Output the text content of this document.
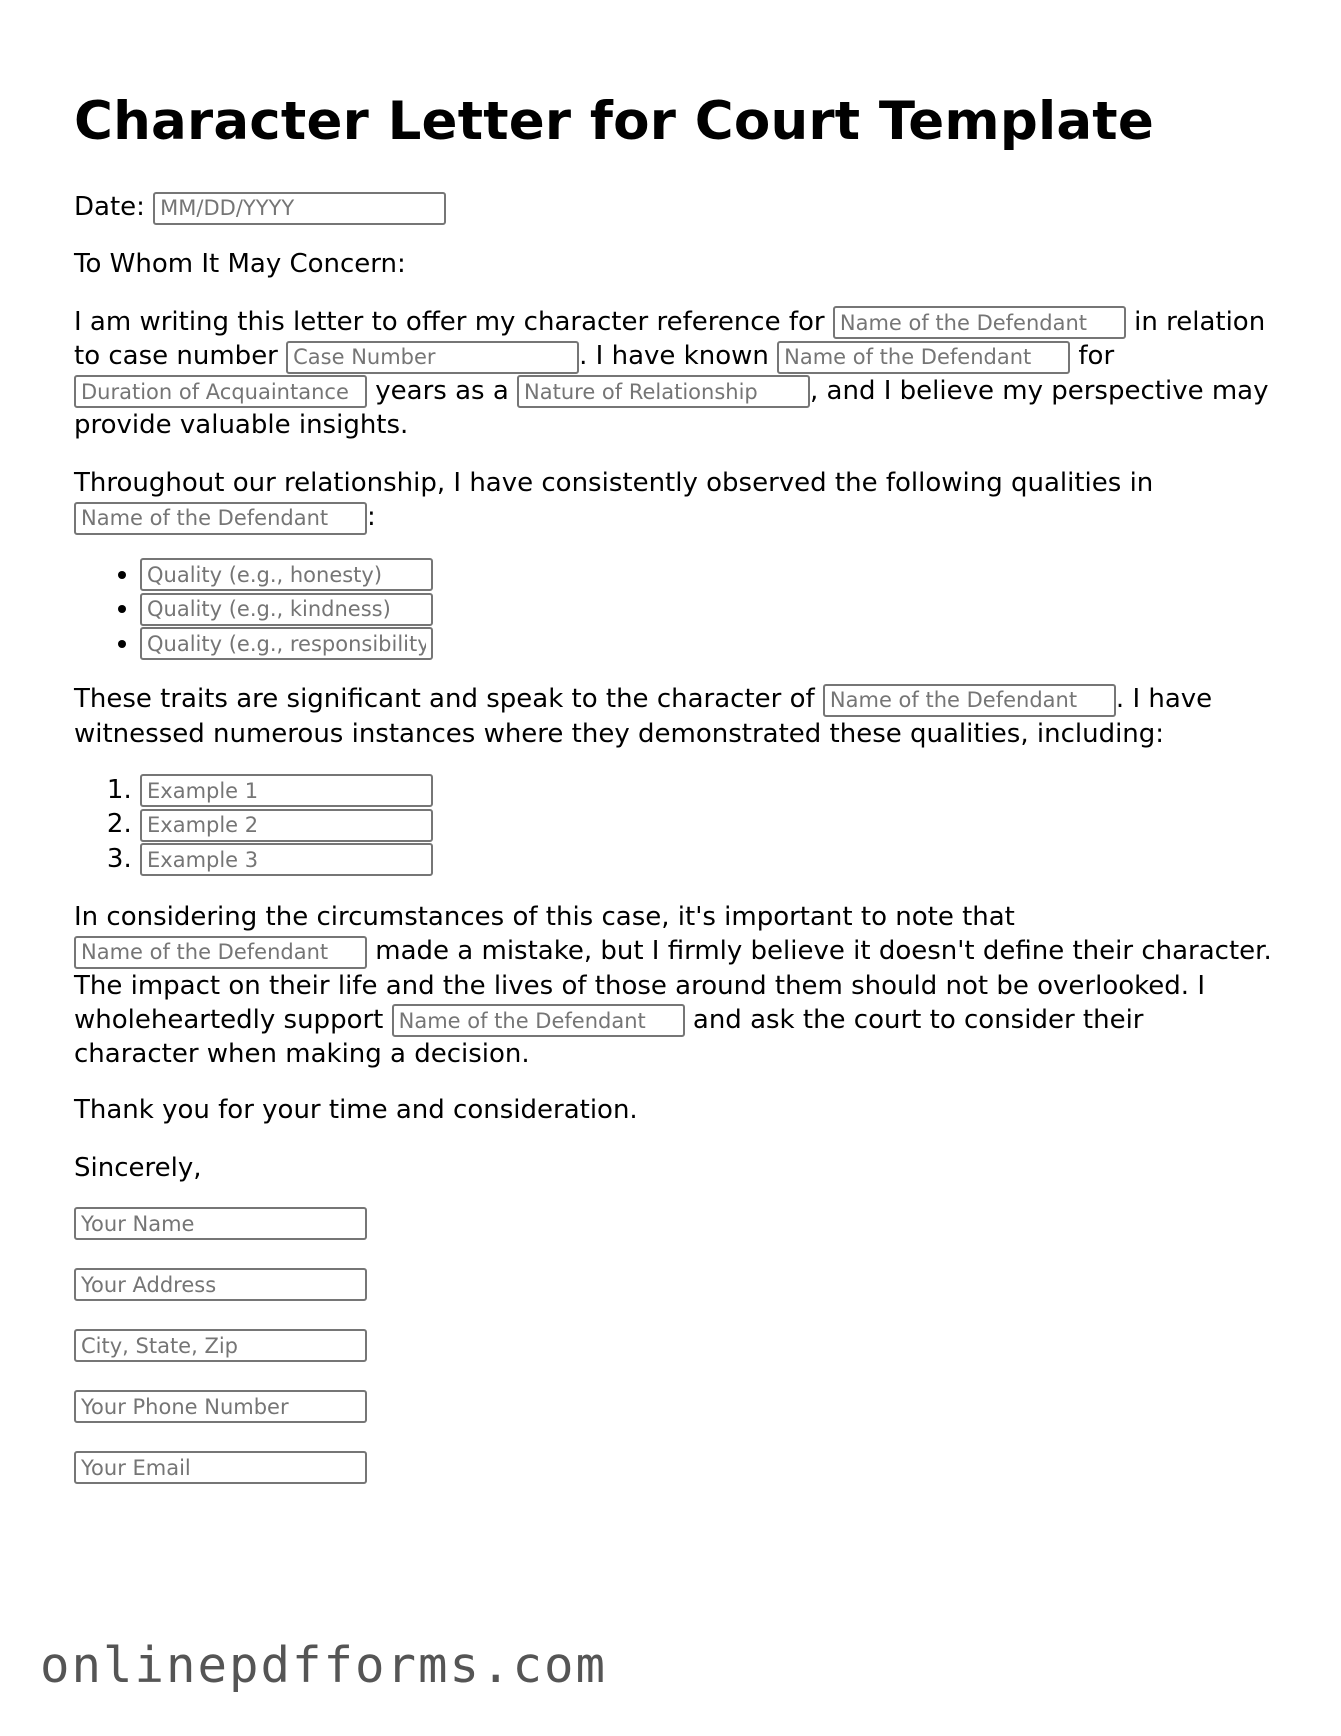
Character Letter for Court Template

Date: MM/DD/YYYY

To Whom It May Concern:

I am writing this letter to offer my character reference for Name of the Defendant	in relation to case number Case Number	. I have known Name of the Defendant	for Duration of Acquaintance years as a Nature of Relationship	, and I believe my perspective may provide valuable insights.

Throughout our relationship, I have consistently observed the following qualities in Name of the Defendant:

• Quality (e.g., honesty)
• Quality (e.g., kindness)
• Quality (e.g., responsibility)

These traits are significant and speak to the character of Name of the Defendant	. I have witnessed numerous instances where they demonstrated these qualities, including:

1. Example 1
2. Example 2
3. Example 3

In considering the circumstances of this case, it's important to note that Name of the Defendant made a mistake, but I firmly believe it doesn't define their character. The impact on their life and the lives of those around them should not be overlooked. I wholeheartedly support Name of the Defendant	and ask the court to consider their character when making a decision.

Thank you for your time and consideration.

Sincerely,

Your Name
Your Address
City, State, Zip
Your Phone Number
Your Email
onlinepdfforms.com
